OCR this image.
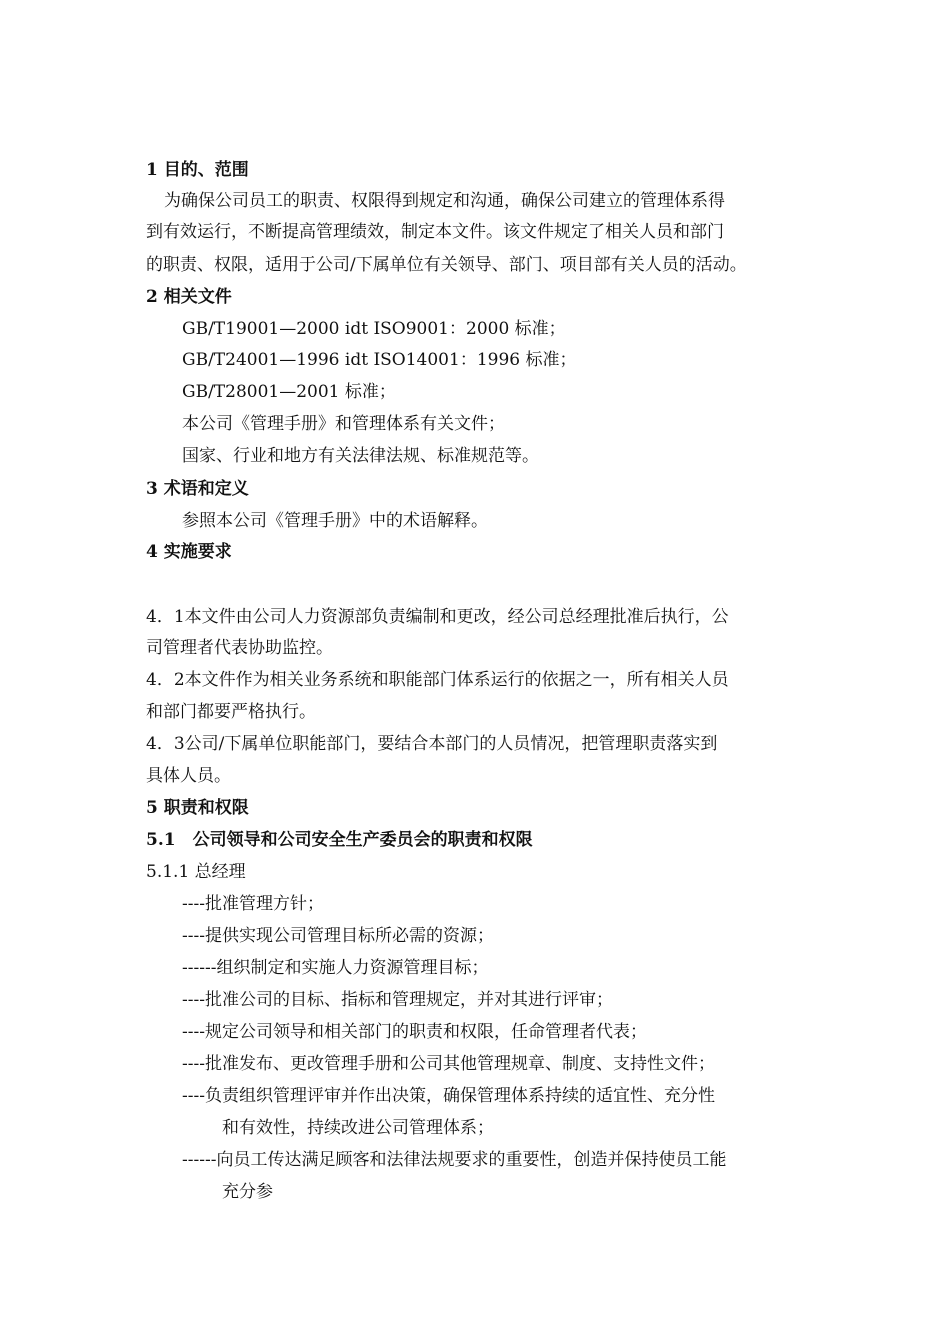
1 目的、范围
为确保公司员工的职责、权限得到规定和沟通，确保公司建立的管理体系得
到有效运行，不断提高管理绩效，制定本文件。该文件规定了相关人员和部门
的职责、权限，适用于公司/下属单位有关领导、部门、项目部有关人员的活动。
2 相关文件
GB/T19001—2000 idt ISO9001：2000 标准；
GB/T24001—1996 idt ISO14001：1996 标准；
GB/T28001—2001 标准；
本公司《管理手册》和管理体系有关文件；
国家、行业和地方有关法律法规、标准规范等。
3 术语和定义
参照本公司《管理手册》中的术语解释。
4 实施要求
4．1本文件由公司人力资源部负责编制和更改，经公司总经理批准后执行，公
司管理者代表协助监控。
4．2本文件作为相关业务系统和职能部门体系运行的依据之一，所有相关人员
和部门都要严格执行。
4．3公司/下属单位职能部门，要结合本部门的人员情况，把管理职责落实到
具体人员。
5 职责和权限
5.1　公司领导和公司安全生产委员会的职责和权限
5.1.1 总经理
----批准管理方针；
----提供实现公司管理目标所必需的资源；
------组织制定和实施人力资源管理目标；
----批准公司的目标、指标和管理规定，并对其进行评审；
----规定公司领导和相关部门的职责和权限，任命管理者代表；
----批准发布、更改管理手册和公司其他管理规章、制度、支持性文件；
----负责组织管理评审并作出决策，确保管理体系持续的适宜性、充分性
和有效性，持续改进公司管理体系；
------向员工传达满足顾客和法律法规要求的重要性，创造并保持使员工能
充分参
